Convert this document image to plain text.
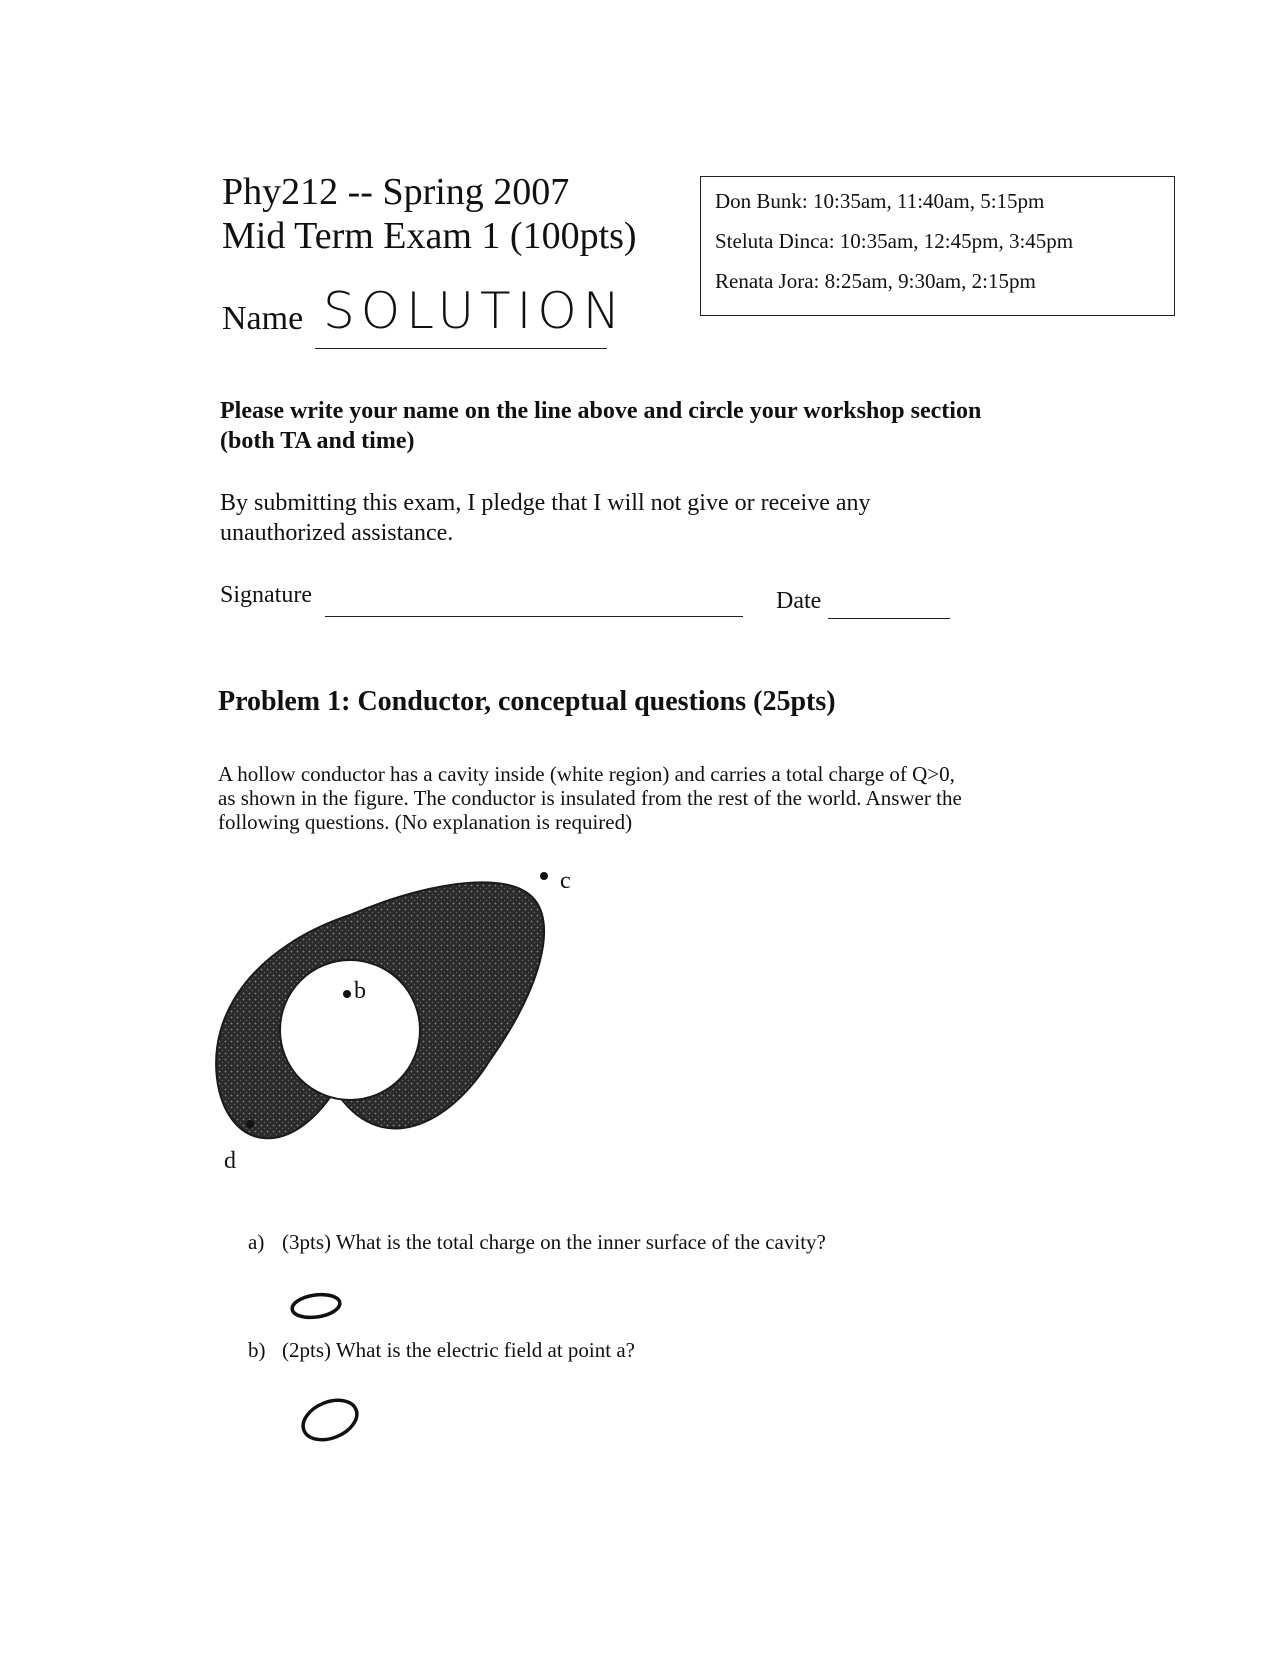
Phy212 -- Spring 2007
Mid Term Exam 1 (100pts)
Don Bunk: 10:35am, 11:40am, 5:15pm
Steluta Dinca: 10:35am, 12:45pm, 3:45pm
Renata Jora: 8:25am, 9:30am, 2:15pm
Name SOLUTION
Please write your name on the line above and circle your workshop section (both TA and time)
By submitting this exam, I pledge that I will not give or receive any unauthorized assistance.
Signature	Date
Problem 1: Conductor, conceptual questions (25pts)
A hollow conductor has a cavity inside (white region) and carries a total charge of Q>0,
as shown in the figure. The conductor is insulated from the rest of the world. Answer the
following questions. (No explanation is required)
b
c
d
a) (3pts) What is the total charge on the inner surface of the cavity?
b) (2pts) What is the electric field at point a?
